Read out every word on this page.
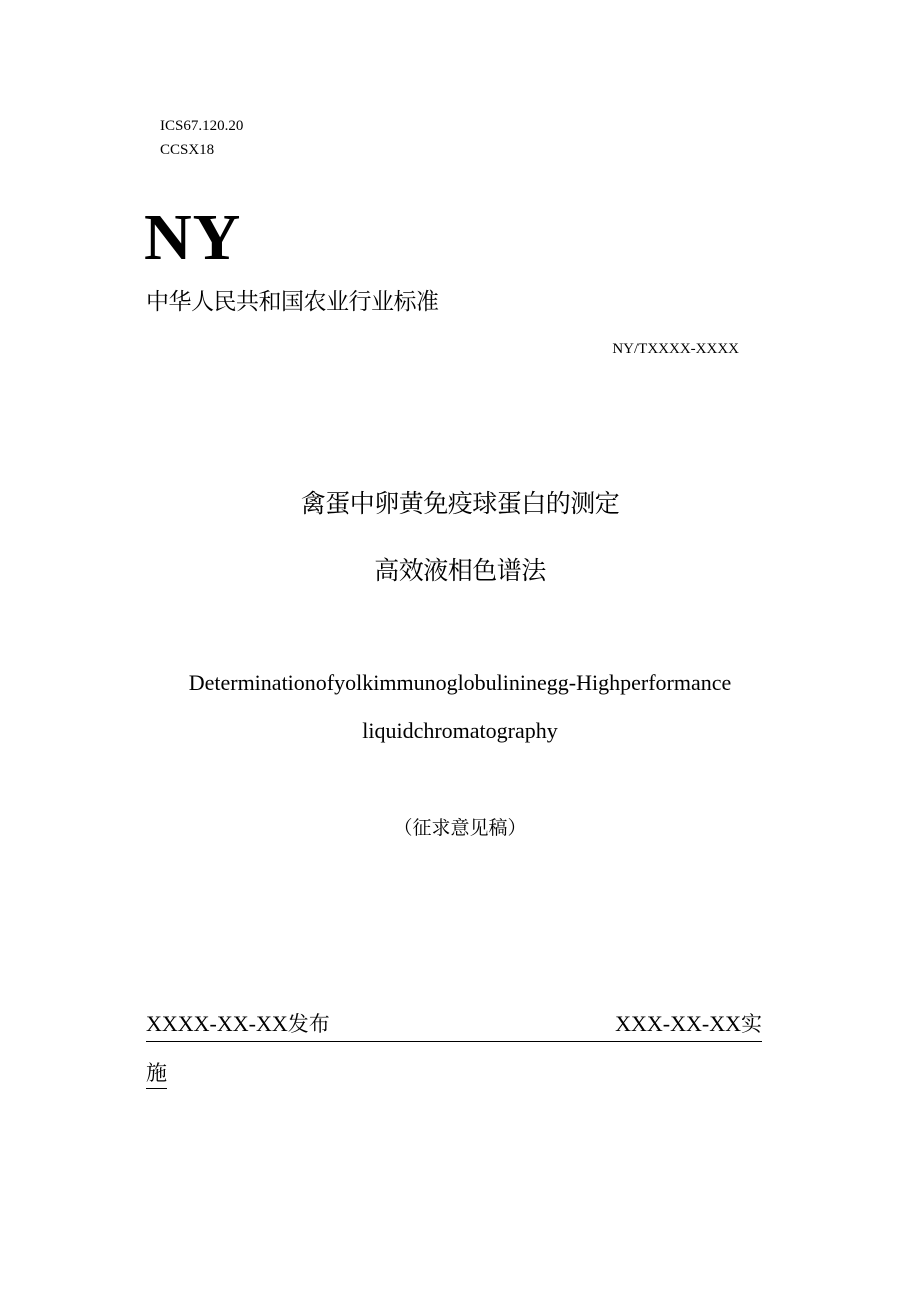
ICS67.120.20
CCSX18
NY
中华人民共和国农业行业标准
NY/TXXXX-XXXX
禽蛋中卵黄免疫球蛋白的测定
高效液相色谱法
Determinationofyolkimmunoglobulininegg-Highperformance
liquidchromatography
（征求意见稿）
XXXX-XX-XX发布	XXX-XX-XX实
施
